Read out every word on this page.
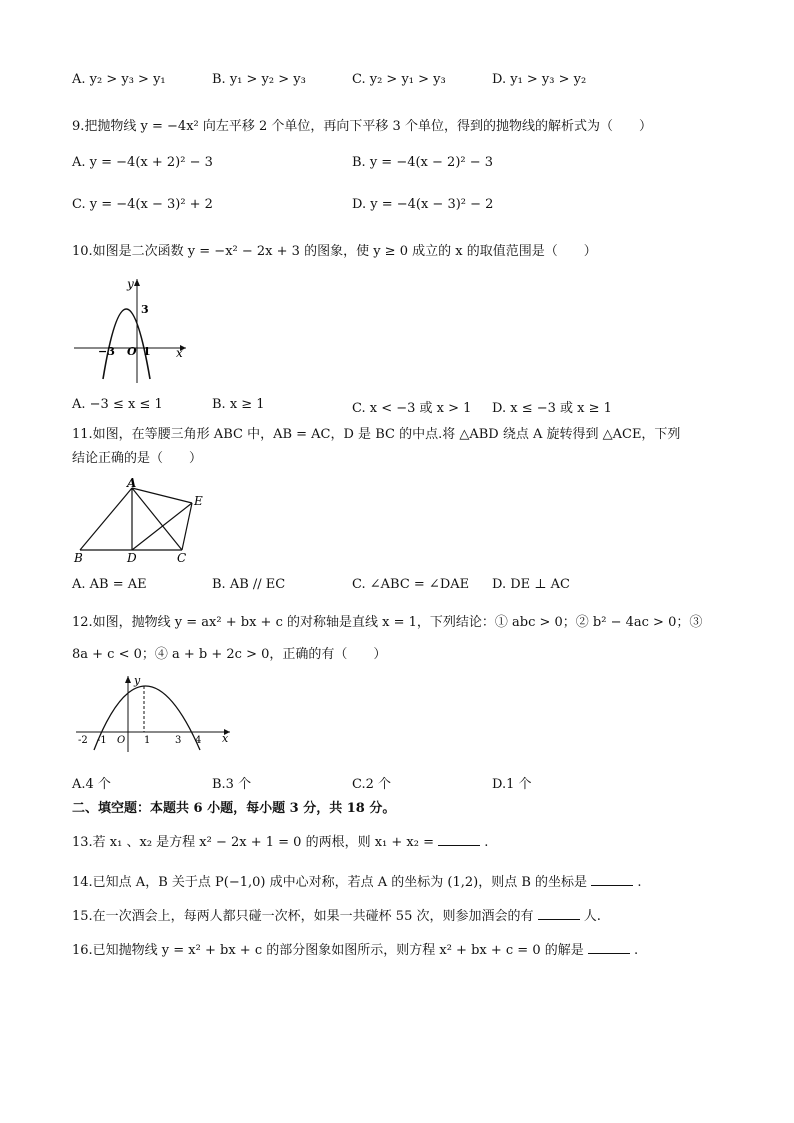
A. y₂ > y₃ > y₁	B. y₁ > y₂ > y₃	C. y₂ > y₁ > y₃	D. y₁ > y₃ > y₂
9.把抛物线 y = −4x² 向左平移 2 个单位，再向下平移 3 个单位，得到的抛物线的解析式为（　　）
A. y = −4(x + 2)² − 3	B. y = −4(x − 2)² − 3
C. y = −4(x − 3)² + 2	D. y = −4(x − 3)² − 2
10.如图是二次函数 y = −x² − 2x + 3 的图象，使 y ≥ 0 成立的 x 的取值范围是（　　）
y
3
x
−3 O 1
A. −3 ≤ x ≤ 1	B. x ≥ 1	C. x < −3 或 x > 1 D. x ≤ −3 或 x ≥ 1
11.如图，在等腰三角形 ABC 中，AB = AC，D 是 BC 的中点.将 △ABD 绕点 A 旋转得到 △ACE，下列
结论正确的是（　　）
A
E
B	D	C
A. AB = AE	B. AB // EC	C. ∠ABC = ∠DAE D. DE ⊥ AC
12.如图，抛物线 y = ax² + bx + c 的对称轴是直线 x = 1，下列结论：① abc > 0；② b² − 4ac > 0；③
8a + c < 0；④ a + b + 2c > 0，正确的有（　　）
y
x
-2 -1 O 1 3 4
A.4 个	B.3 个	C.2 个	D.1 个
二、填空题：本题共 6 小题，每小题 3 分，共 18 分。
13.若 x₁ 、x₂ 是方程 x² − 2x + 1 = 0 的两根，则 x₁ + x₂ =	.
14.已知点 A，B 关于点 P(−1,0) 成中心对称，若点 A 的坐标为 (1,2)，则点 B 的坐标是	.
15.在一次酒会上，每两人都只碰一次杯，如果一共碰杯 55 次，则参加酒会的有	人.
16.已知抛物线 y = x² + bx + c 的部分图象如图所示，则方程 x² + bx + c = 0 的解是	.
